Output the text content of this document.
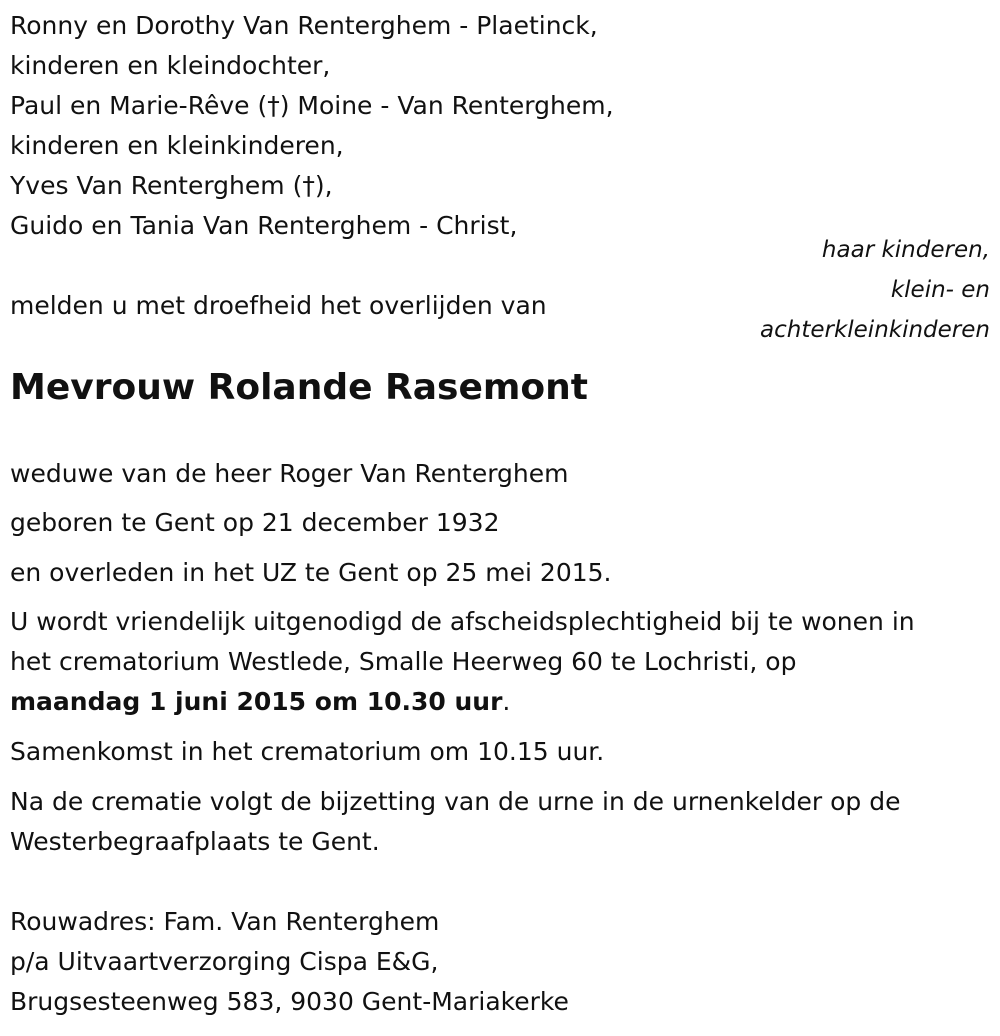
Ronny en Dorothy Van Renterghem - Plaetinck,
kinderen en kleindochter,
Paul en Marie-Rêve (†) Moine - Van Renterghem,
kinderen en kleinkinderen,
Yves Van Renterghem (†),
Guido en Tania Van Renterghem - Christ,
haar kinderen,
klein- en
achterkleinkinderen
melden u met droefheid het overlijden van
Mevrouw Rolande Rasemont
weduwe van de heer Roger Van Renterghem
geboren te Gent op 21 december 1932
en overleden in het UZ te Gent op 25 mei 2015.
U wordt vriendelijk uitgenodigd de afscheidsplechtigheid bij te wonen in
het crematorium Westlede, Smalle Heerweg 60 te Lochristi, op
maandag 1 juni 2015 om 10.30 uur.
Samenkomst in het crematorium om 10.15 uur.
Na de crematie volgt de bijzetting van de urne in de urnenkelder op de
Westerbegraafplaats te Gent.
Rouwadres: Fam. Van Renterghem
p/a Uitvaartverzorging Cispa E&G,
Brugsesteenweg 583, 9030 Gent-Mariakerke
